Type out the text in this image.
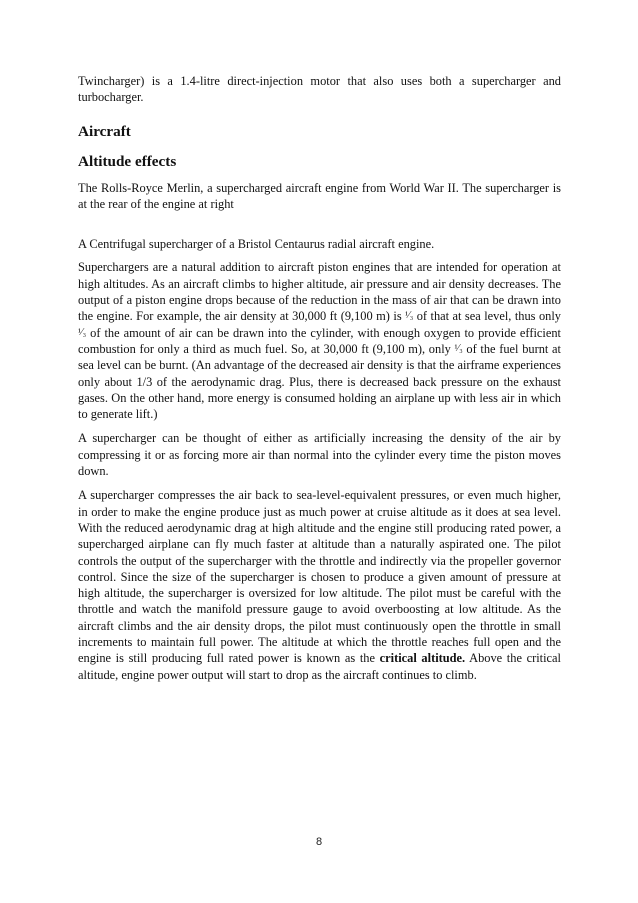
Twincharger) is a 1.4-litre direct-injection motor that also uses both a supercharger and turbocharger.

Aircraft
Altitude effects

The Rolls-Royce Merlin, a supercharged aircraft engine from World War II. The supercharger is at the rear of the engine at right

A Centrifugal supercharger of a Bristol Centaurus radial aircraft engine.

Superchargers are a natural addition to aircraft piston engines that are intended for operation at high altitudes. As an aircraft climbs to higher altitude, air pressure and air density decreases. The output of a piston engine drops because of the reduction in the mass of air that can be drawn into the engine. For example, the air density at 30,000 ft (9,100 m) is ¹⁄₃ of that at sea level, thus only ¹⁄₃ of the amount of air can be drawn into the cylinder, with enough oxygen to provide efficient combustion for only a third as much fuel. So, at 30,000 ft (9,100 m), only ¹⁄₃ of the fuel burnt at sea level can be burnt. (An advantage of the decreased air density is that the airframe experiences only about 1/3 of the aerodynamic drag. Plus, there is decreased back pressure on the exhaust gases. On the other hand, more energy is consumed holding an airplane up with less air in which to generate lift.)

A supercharger can be thought of either as artificially increasing the density of the air by compressing it or as forcing more air than normal into the cylinder every time the piston moves down.

A supercharger compresses the air back to sea-level-equivalent pressures, or even much higher, in order to make the engine produce just as much power at cruise altitude as it does at sea level. With the reduced aerodynamic drag at high altitude and the engine still producing rated power, a supercharged airplane can fly much faster at altitude than a naturally aspirated one. The pilot controls the output of the supercharger with the throttle and indirectly via the propeller governor control. Since the size of the supercharger is chosen to produce a given amount of pressure at high altitude, the supercharger is oversized for low altitude. The pilot must be careful with the throttle and watch the manifold pressure gauge to avoid overboosting at low altitude. As the aircraft climbs and the air density drops, the pilot must continuously open the throttle in small increments to maintain full power. The altitude at which the throttle reaches full open and the engine is still producing full rated power is known as the critical altitude. Above the critical altitude, engine power output will start to drop as the aircraft continues to climb.

8
